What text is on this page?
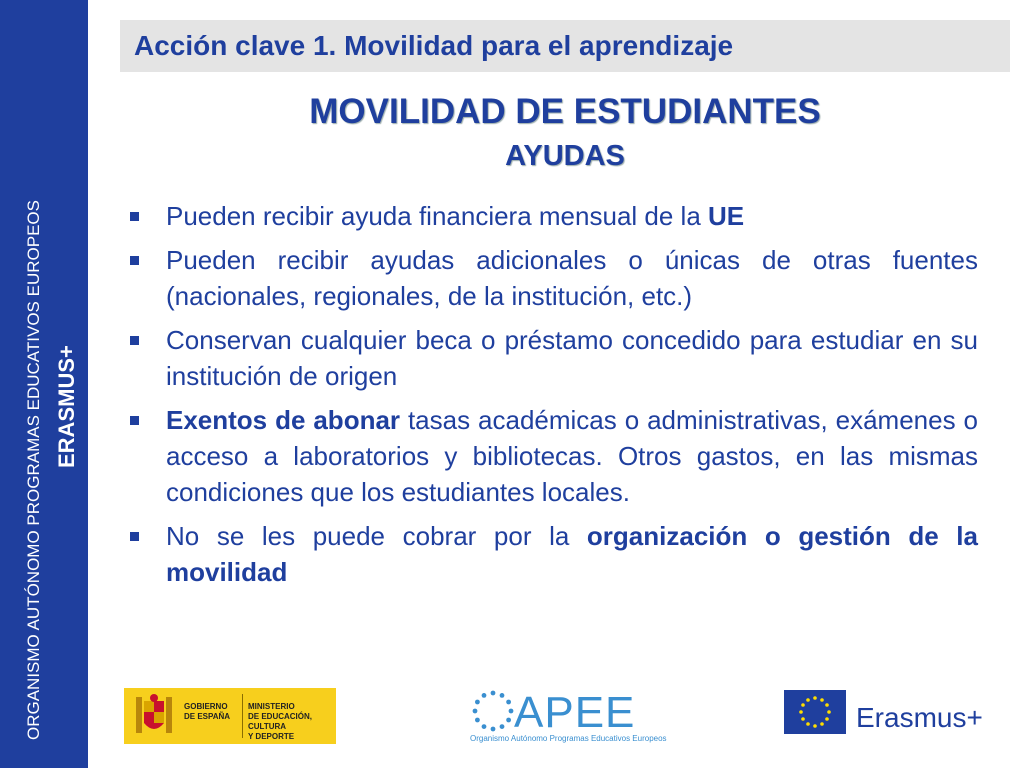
ORGANISMO AUTÓNOMO PROGRAMAS EDUCATIVOS EUROPEOS ERASMUS+
Acción clave 1. Movilidad para el aprendizaje
MOVILIDAD DE ESTUDIANTES
AYUDAS
Pueden recibir ayuda financiera mensual de la UE
Pueden recibir ayudas adicionales o únicas de otras fuentes (nacionales, regionales, de la institución, etc.)
Conservan cualquier beca o préstamo concedido para estudiar en su institución de origen
Exentos de abonar tasas académicas o administrativas, exámenes o acceso a laboratorios y bibliotecas. Otros gastos, en las mismas condiciones que los estudiantes locales.
No se les puede cobrar por la organización o gestión de la movilidad
GOBIERNO
DE ESPAÑA
MINISTERIO
DE EDUCACIÓN, CULTURA
Y DEPORTE	APEE
Organismo Autónomo Programas Educativos Europeos
Erasmus+
